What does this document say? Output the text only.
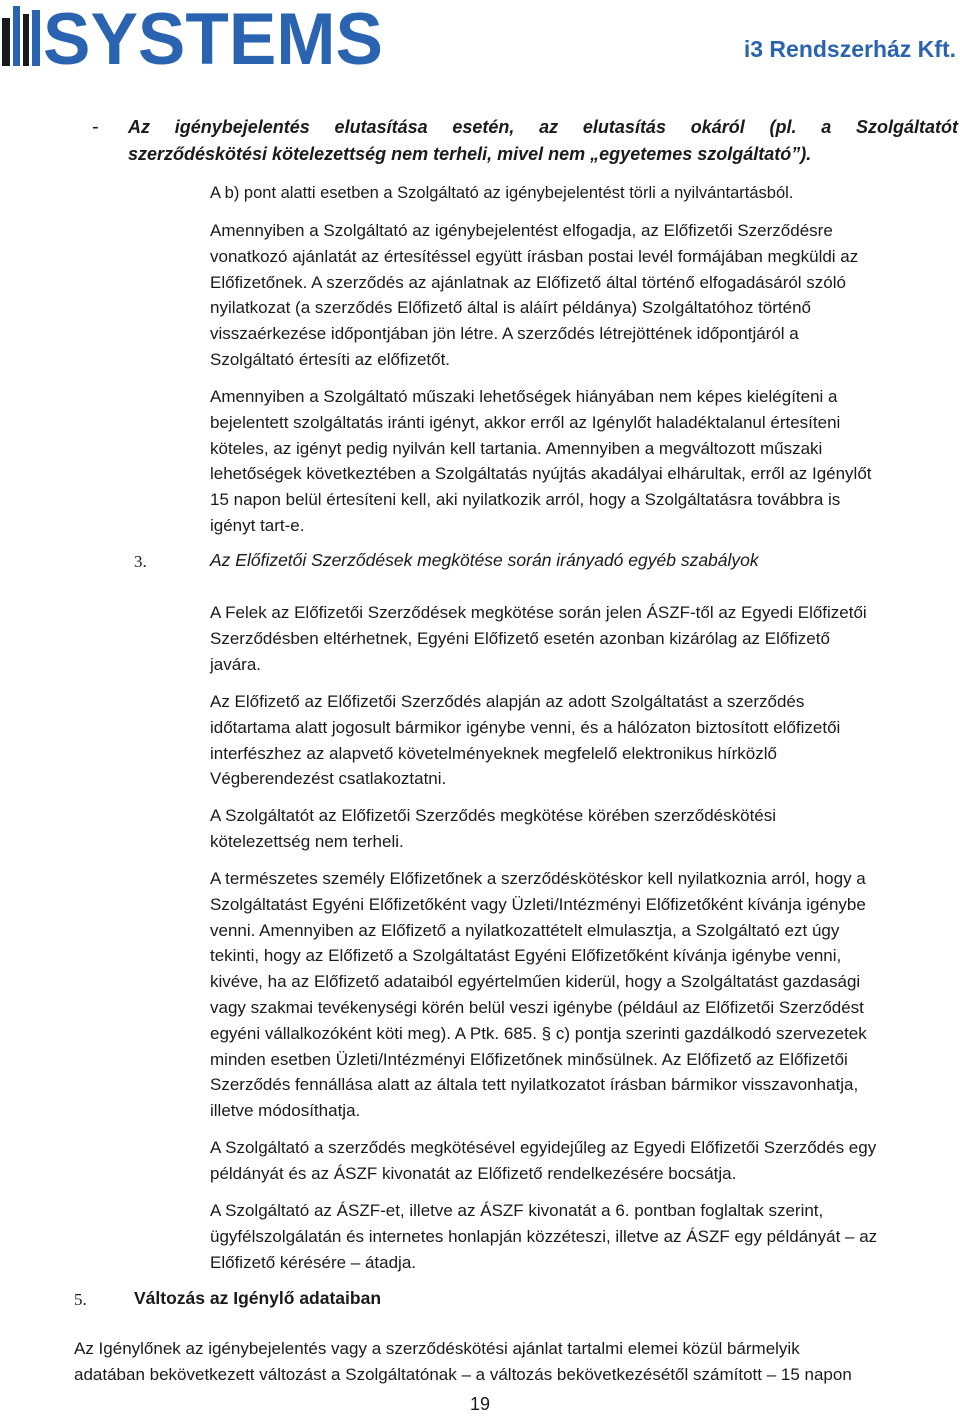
SYSTEMS	i3 Rendszerház Kft.
- Az igénybejelentés elutasítása esetén, az elutasítás okáról (pl. a Szolgáltatót
szerződéskötési kötelezettség nem terheli, mivel nem „egyetemes szolgáltató”).
A b) pont alatti esetben a Szolgáltató az igénybejelentést törli a nyilvántartásból.
Amennyiben a Szolgáltató az igénybejelentést elfogadja, az Előfizetői Szerződésre
vonatkozó ajánlatát az értesítéssel együtt írásban postai levél formájában megküldi az
Előfizetőnek. A szerződés az ajánlatnak az Előfizető által történő elfogadásáról szóló
nyilatkozat (a szerződés Előfizető által is aláírt példánya) Szolgáltatóhoz történő
visszaérkezése időpontjában jön létre. A szerződés létrejöttének időpontjáról a
Szolgáltató értesíti az előfizetőt.
Amennyiben a Szolgáltató műszaki lehetőségek hiányában nem képes kielégíteni a
bejelentett szolgáltatás iránti igényt, akkor erről az Igénylőt haladéktalanul értesíteni
köteles, az igényt pedig nyilván kell tartania. Amennyiben a megváltozott műszaki
lehetőségek következtében a Szolgáltatás nyújtás akadályai elhárultak, erről az Igénylőt
15 napon belül értesíteni kell, aki nyilatkozik arról, hogy a Szolgáltatásra továbbra is
igényt tart-e.
3.	Az Előfizetői Szerződések megkötése során irányadó egyéb szabályok
A Felek az Előfizetői Szerződések megkötése során jelen ÁSZF-től az Egyedi Előfizetői
Szerződésben eltérhetnek, Egyéni Előfizető esetén azonban kizárólag az Előfizető
javára.
Az Előfizető az Előfizetői Szerződés alapján az adott Szolgáltatást a szerződés
időtartama alatt jogosult bármikor igénybe venni, és a hálózaton biztosított előfizetői
interfészhez az alapvető követelményeknek megfelelő elektronikus hírközlő
Végberendezést csatlakoztatni.
A Szolgáltatót az Előfizetői Szerződés megkötése körében szerződéskötési
kötelezettség nem terheli.
A természetes személy Előfizetőnek a szerződéskötéskor kell nyilatkoznia arról, hogy a
Szolgáltatást Egyéni Előfizetőként vagy Üzleti/Intézményi Előfizetőként kívánja igénybe
venni. Amennyiben az Előfizető a nyilatkozattételt elmulasztja, a Szolgáltató ezt úgy
tekinti, hogy az Előfizető a Szolgáltatást Egyéni Előfizetőként kívánja igénybe venni,
kivéve, ha az Előfizető adataiból egyértelműen kiderül, hogy a Szolgáltatást gazdasági
vagy szakmai tevékenységi körén belül veszi igénybe (például az Előfizetői Szerződést
egyéni vállalkozóként köti meg). A Ptk. 685. § c) pontja szerinti gazdálkodó szervezetek
minden esetben Üzleti/Intézményi Előfizetőnek minősülnek. Az Előfizető az Előfizetői
Szerződés fennállása alatt az általa tett nyilatkozatot írásban bármikor visszavonhatja,
illetve módosíthatja.
A Szolgáltató a szerződés megkötésével egyidejűleg az Egyedi Előfizetői Szerződés egy
példányát és az ÁSZF kivonatát az Előfizető rendelkezésére bocsátja.
A Szolgáltató az ÁSZF-et, illetve az ÁSZF kivonatát a 6. pontban foglaltak szerint,
ügyfélszolgálatán és internetes honlapján közzéteszi, illetve az ÁSZF egy példányát – az
Előfizető kérésére – átadja.
5.	Változás az Igénylő adataiban
Az Igénylőnek az igénybejelentés vagy a szerződéskötési ajánlat tartalmi elemei közül bármelyik
adatában bekövetkezett változást a Szolgáltatónak – a változás bekövetkezésétől számított – 15 napon
19
